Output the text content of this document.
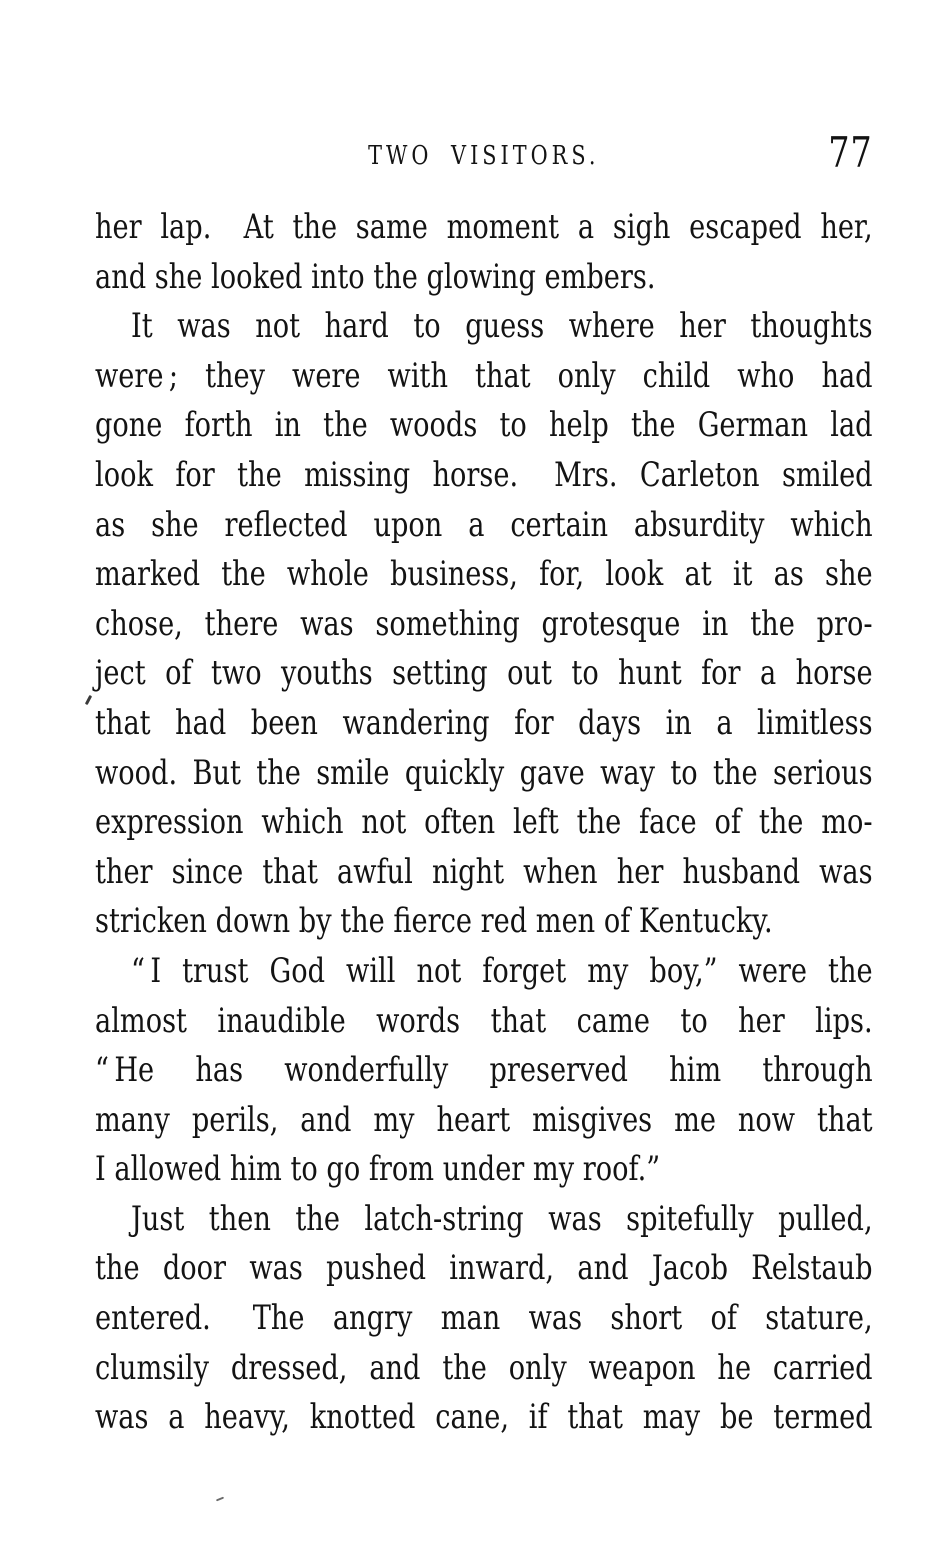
TWO VISITORS.	77
her lap.  At the same moment a sigh escaped her,
and she looked into the glowing embers.
It was not hard to guess where her thoughts
were ; they were with that only child who had
gone forth in the woods to help the German lad
look for the missing horse.  Mrs. Carleton smiled
as she reflected upon a certain absurdity which
marked the whole business, for, look at it as she
chose, there was something grotesque in the pro-
ject of two youths setting out to hunt for a horse
that had been wandering for days in a limitless
wood. But the smile quickly gave way to the serious
expression which not often left the face of the mo-
ther since that awful night when her husband was
stricken down by the fierce red men of Kentucky.
“ I trust God will not forget my boy,” were the
almost inaudible words that came to her lips.
“ He has wonderfully preserved him through
many perils, and my heart misgives me now that
I allowed him to go from under my roof.”
Just then the latch-string was spitefully pulled,
the door was pushed inward, and Jacob Relstaub
entered.  The angry man was short of stature,
clumsily dressed, and the only weapon he carried
was a heavy, knotted cane, if that may be termed
